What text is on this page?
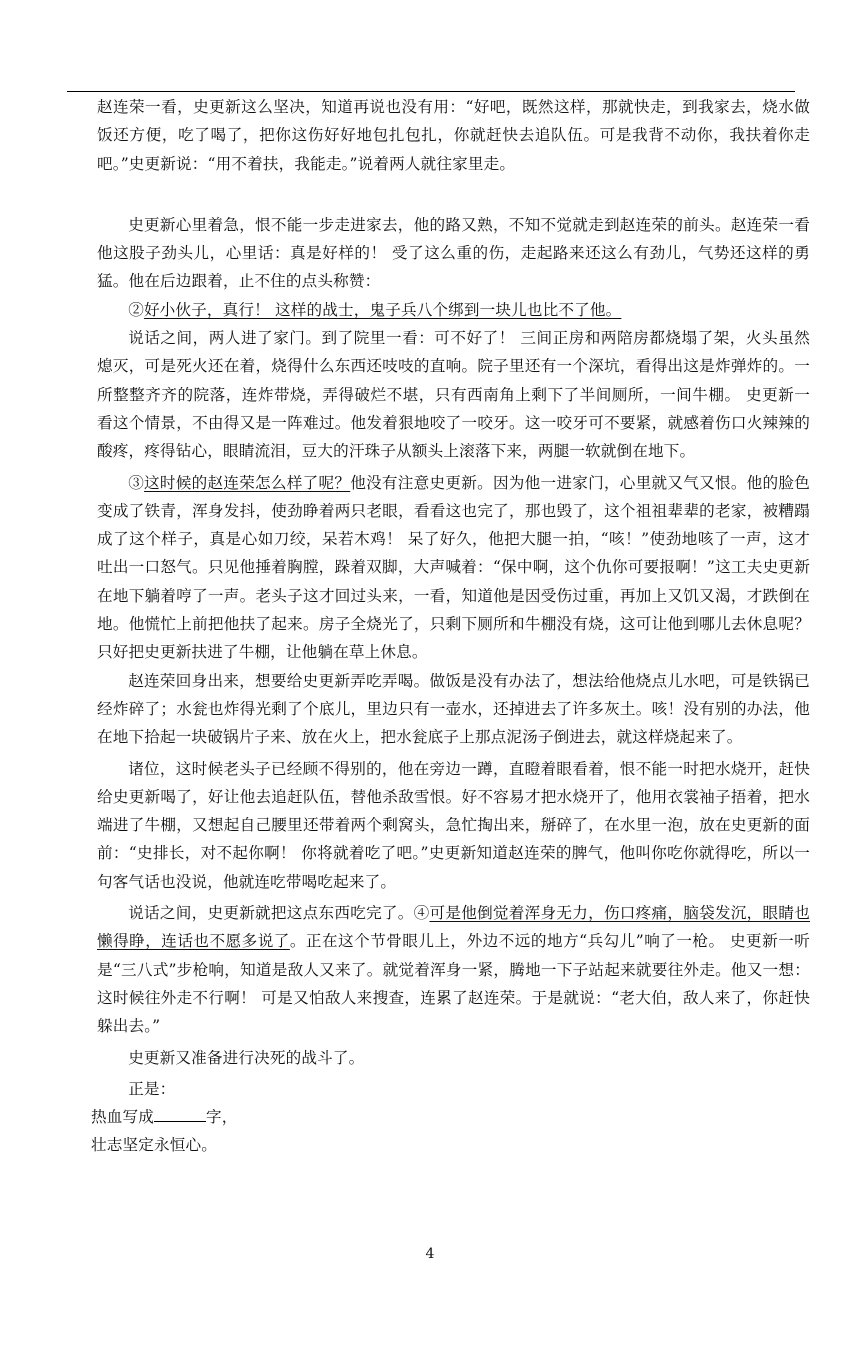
赵连荣一看，史更新这么坚决，知道再说也没有用：“好吧，既然这样，那就快走，到我家去，烧水做饭还方便，吃了喝了，把你这伤好好地包扎包扎，你就赶快去追队伍。可是我背不动你，我扶着你走吧。”史更新说：“用不着扶，我能走。”说着两人就往家里走。

史更新心里着急，恨不能一步走进家去，他的路又熟，不知不觉就走到赵连荣的前头。赵连荣一看他这股子劲头儿，心里话：真是好样的！ 受了这么重的伤，走起路来还这么有劲儿，气势还这样的勇猛。他在后边跟着，止不住的点头称赞：

②好小伙子，真行！ 这样的战士，鬼子兵八个绑到一块儿也比不了他。

说话之间，两人进了家门。到了院里一看：可不好了！ 三间正房和两陪房都烧塌了架，火头虽然熄灭，可是死火还在着，烧得什么东西还吱吱的直响。院子里还有一个深坑，看得出这是炸弹炸的。一所整整齐齐的院落，连炸带烧，弄得破烂不堪，只有西南角上剩下了半间厕所，一间牛棚。 史更新一看这个情景，不由得又是一阵难过。他发着狠地咬了一咬牙。这一咬牙可不要紧，就感着伤口火辣辣的酸疼，疼得钻心，眼睛流泪，豆大的汗珠子从额头上滚落下来，两腿一软就倒在地下。

③这时候的赵连荣怎么样了呢？他没有注意史更新。因为他一进家门，心里就又气又恨。他的脸色变成了铁青，浑身发抖，使劲睁着两只老眼，看看这也完了，那也毁了，这个祖祖辈辈的老家，被糟蹋成了这个样子，真是心如刀绞，呆若木鸡！ 呆了好久，他把大腿一拍，“咳！”使劲地咳了一声，这才吐出一口怒气。只见他捶着胸膛，跺着双脚，大声喊着：“保中啊，这个仇你可要报啊！”这工夫史更新在地下躺着哼了一声。老头子这才回过头来，一看，知道他是因受伤过重，再加上又饥又渴，才跌倒在地。他慌忙上前把他扶了起来。房子全烧光了，只剩下厕所和牛棚没有烧，这可让他到哪儿去休息呢？ 只好把史更新扶进了牛棚，让他躺在草上休息。

赵连荣回身出来，想要给史更新弄吃弄喝。做饭是没有办法了，想法给他烧点儿水吧，可是铁锅已经炸碎了；水瓮也炸得光剩了个底儿，里边只有一壶水，还掉进去了许多灰土。咳！没有别的办法，他在地下拾起一块破锅片子来、放在火上，把水瓮底子上那点泥汤子倒进去，就这样烧起来了。

诸位，这时候老头子已经顾不得别的，他在旁边一蹲，直瞪着眼看着，恨不能一时把水烧开，赶快给史更新喝了，好让他去追赶队伍，替他杀敌雪恨。好不容易才把水烧开了，他用衣裳袖子捂着，把水端进了牛棚，又想起自己腰里还带着两个剩窝头，急忙掏出来，掰碎了，在水里一泡，放在史更新的面前：“史排长，对不起你啊！ 你将就着吃了吧。”史更新知道赵连荣的脾气，他叫你吃你就得吃，所以一句客气话也没说，他就连吃带喝吃起来了。

说话之间，史更新就把这点东西吃完了。④可是他倒觉着浑身无力，伤口疼痛，脑袋发沉，眼睛也懒得睁，连话也不愿多说了。正在这个节骨眼儿上，外边不远的地方“兵勾儿”响了一枪。 史更新一听是“三八式”步枪响，知道是敌人又来了。就觉着浑身一紧，腾地一下子站起来就要往外走。他又一想：这时候往外走不行啊！ 可是又怕敌人来搜查，连累了赵连荣。于是就说：“老大伯，敌人来了，你赶快躲出去。”

史更新又准备进行决死的战斗了。

正是：

热血写成	字，

壮志坚定永恒心。

4
